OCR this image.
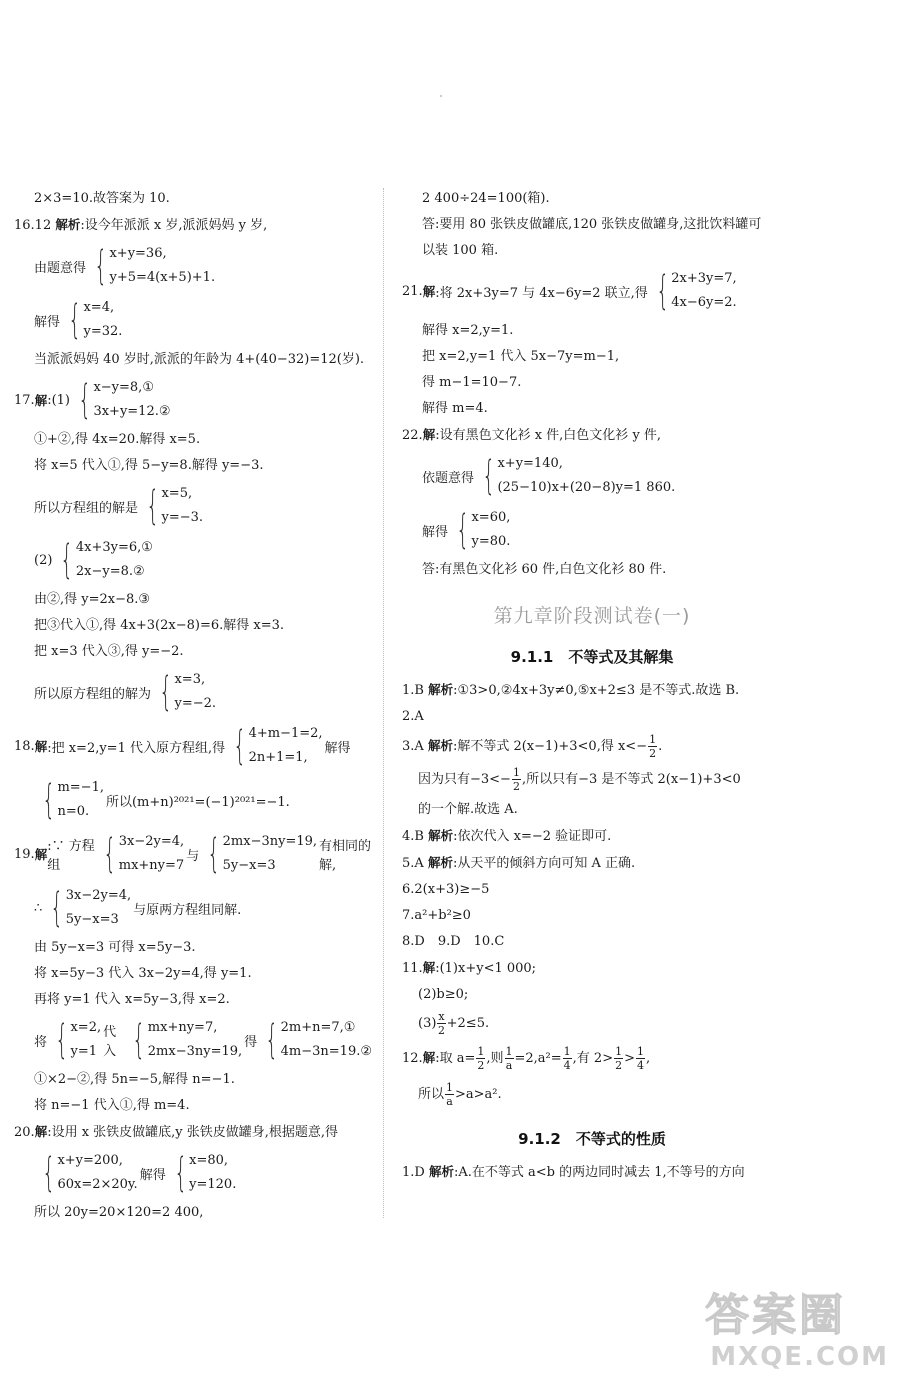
2×3=10.故答案为 10.
16.12 解析:设今年派派 x 岁,派派妈妈 y 岁,
由题意得 { x+y=36,
y+5=4(x+5)+1.
解得 { x=4,
y=32.
当派派妈妈 40 岁时,派派的年龄为 4+(40−32)=12(岁).
17. 解 :(1) { x−y=8,①
3x+y=12.②
①+②,得 4x=20.解得 x=5.
将 x=5 代入①,得 5−y=8.解得 y=−3.
所以方程组的解是 { x=5,
y=−3.
(2) { 4x+3y=6,①
2x−y=8.②
由②,得 y=2x−8.③
把③代入①,得 4x+3(2x−8)=6.解得 x=3.
把 x=3 代入③,得 y=−2.
所以原方程组的解为 { x=3,
y=−2.
18. 解 :把 x=2,y=1 代入原方程组,得 { 4+m−1=2,
2n+1=1,
解得
{ m=−1,
n=0.
所以(m+n)²⁰²¹=(−1)²⁰²¹=−1.
19. 解
:∵ 方程组	{ 3x−2y=4,
mx+ny=7
与 { 2mx−3ny=19,
5y−x=3
有相同的解,
∴ { 3x−2y=4,
5y−x=3
与原两方程组同解.
由 5y−x=3 可得 x=5y−3.
将 x=5y−3 代入 3x−2y=4,得 y=1.
再将 y=1 代入 x=5y−3,得 x=2.
将 { x=2,
y=1
代入 { mx+ny=7,
2mx−3ny=19,
得 { 2m+n=7,①
4m−3n=19.②
①×2−②,得 5n=−5,解得 n=−1.
将 n=−1 代入①,得 m=4.
20.解:设用 x 张铁皮做罐底,y 张铁皮做罐身,根据题意,得
{ x+y=200,
60x=2×20y.
解得 { x=80,
y=120.
所以 20y=20×120=2 400,
2 400÷24=100(箱).
答:要用 80 张铁皮做罐底,120 张铁皮做罐身,这批饮料罐可
以装 100 箱.
21. 解 :将 2x+3y=7 与 4x−6y=2 联立,得 { 2x+3y=7,
4x−6y=2.
解得 x=2,y=1.
把 x=2,y=1 代入 5x−7y=m−1,
得 m−1=10−7.
解得 m=4.
22.解:设有黑色文化衫 x 件,白色文化衫 y 件,
依题意得 { x+y=140,
(25−10)x+(20−8)y=1 860.
解得 { x=60,
y=80.
答:有黑色文化衫 60 件,白色文化衫 80 件.
第九章阶段测试卷(一)
9.1.1　不等式及其解集
1.B 解析:①3>0,②4x+3y≠0,⑤x+2≤3 是不等式.故选 B.
2.A
3.A 解析:解不等式 2(x−1)+3<0,得 $x<- \frac{1}{2}$ .
因为只有$-3<- \frac{1}{2}$ ,所以只有−3 是不等式 2(x−1)+3<0
的一个解.故选 A.
4.B 解析:依次代入 x=−2 验证即可.
5.A 解析:从天平的倾斜方向可知 A 正确.
6.2(x+3)≥−5
7.a²+b²≥0
8.D　9.D　10.C
11.解:(1)x+y<1 000;
(2)b≥0;
$(3) \frac{x}{2} +2\le 5$.
12.解:取 $a= \frac{1}{2}$ ,则 $\frac{1}{a} =2,a^2= \frac{1}{4}$ ,有 $2> \frac{1}{2} > \frac{1}{4}$ ,
所以 $\frac{1}{a} >a>a^2$.
9.1.2　不等式的性质
1.D 解析:A.在不等式 a<b 的两边同时减去 1,不等号的方向
答案圈
MXQE.COM
